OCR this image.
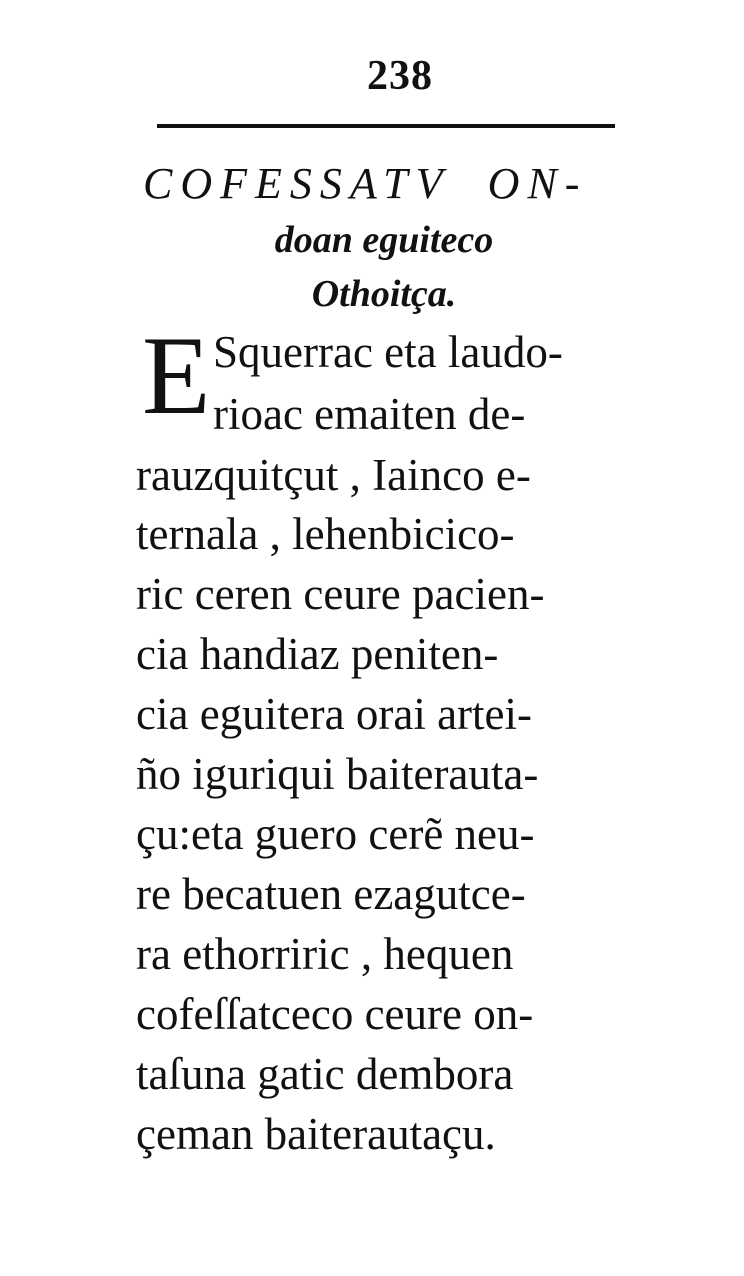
238
COFESSATV  ON-
doan eguiteco
Othoitça.
E Squerrac eta laudo-
rioac emaiten de-
rauzquitçut , Iainco e-
ternala , lehenbicico-
ric ceren ceure pacien-
cia handiaz peniten-
cia eguitera orai artei-
ño iguriqui baiterauta-
çu:eta guero cerẽ neu-
re becatuen ezagutce-
ra ethorriric , hequen
cofeſſatceco ceure on-
taſuna gatic dembora
çeman baiterautaçu.
